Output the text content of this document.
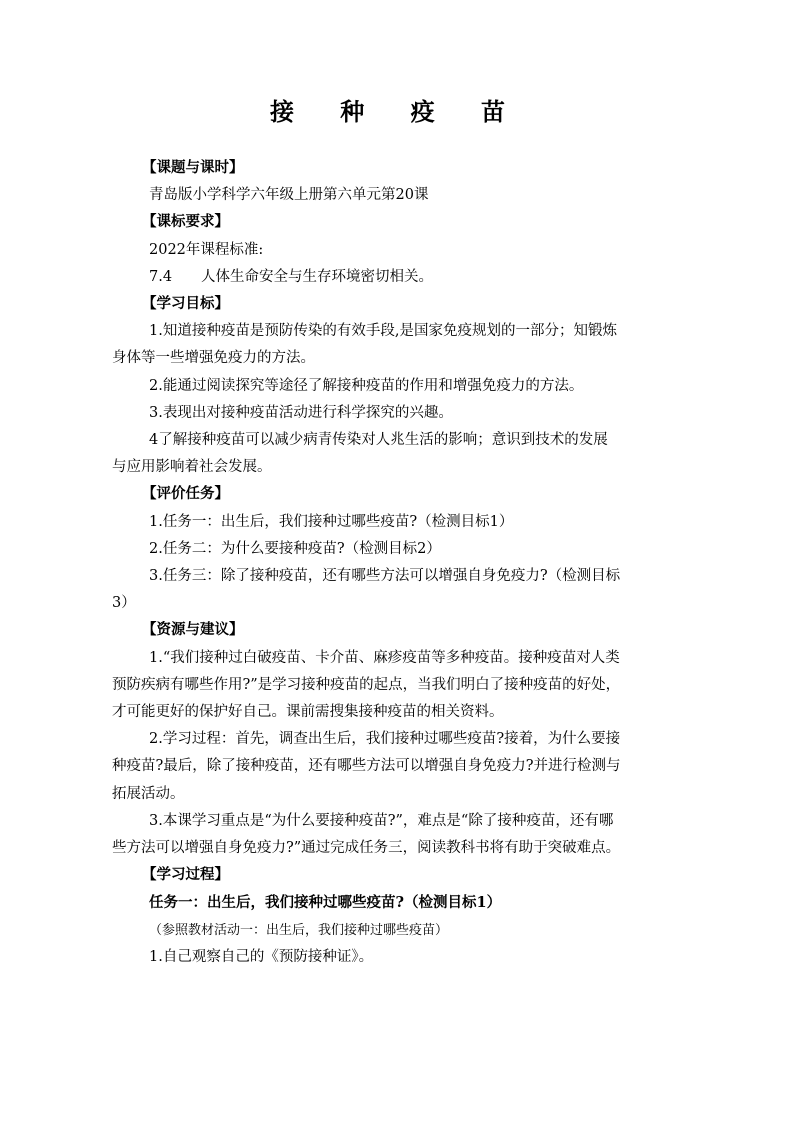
接 种 疫 苗
【课题与课时】
青岛版小学科学六年级上册第六单元第20课
【课标要求】
2022年课程标准:
7.4　　人体生命安全与生存环境密切相关。
【学习目标】
1.知道接种疫苗是预防传染的有效手段,是国家免疫规划的一部分；知锻炼
身体等一些增强免疫力的方法。
2.能通过阅读探究等途径了解接种疫苗的作用和增强免疫力的方法。
3.表现出对接种疫苗活动进行科学探究的兴趣。
4了解接种疫苗可以减少病青传染对人兆生活的影响；意识到技术的发展
与应用影响着社会发展。
【评价任务】
1.任务一：出生后，我们接种过哪些疫苗?（检测目标1）
2.任务二：为什么要接种疫苗?（检测目标2）
3.任务三：除了接种疫苗，还有哪些方法可以增强自身免疫力?（检测目标
3）
【资源与建议】
1.“我们接种过白破疫苗、卡介苗、麻疹疫苗等多种疫苗。接种疫苗对人类
预防疾病有哪些作用?”是学习接种疫苗的起点，当我们明白了接种疫苗的好处，
才可能更好的保护好自己。课前需搜集接种疫苗的相关资料。
2.学习过程：首先，调查出生后，我们接种过哪些疫苗?接着，为什么要接
种疫苗?最后，除了接种疫苗，还有哪些方法可以增强自身免疫力?并进行检测与
拓展活动。
3.本课学习重点是“为什么要接种疫苗?”，难点是“除了接种疫苗，还有哪
些方法可以增强自身免疫力?”通过完成任务三，阅读教科书将有助于突破难点。
【学习过程】
任务一：出生后，我们接种过哪些疫苗?（检测目标1）
（参照教材活动一：出生后，我们接种过哪些疫苗）
1.自己观察自己的《预防接种证》。
